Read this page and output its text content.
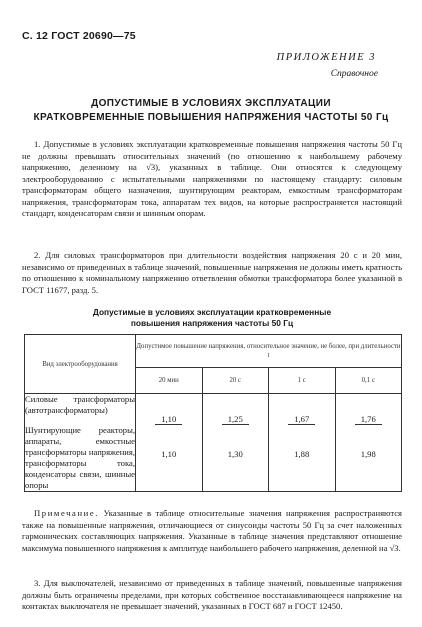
С. 12 ГОСТ 20690—75
ПРИЛОЖЕНИЕ 3
Справочное
ДОПУСТИМЫЕ В УСЛОВИЯХ ЭКСПЛУАТАЦИИ
КРАТКОВРЕМЕННЫЕ ПОВЫШЕНИЯ НАПРЯЖЕНИЯ ЧАСТОТЫ 50 Гц

1. Допустимые в условиях эксплуатации кратковременные повышения напряжения частоты 50 Гц не должны превышать относительных значений (по отношению к наибольшему рабочему напряжению, деленному на √3), указанных в таблице. Они относятся к следующему электрооборудованию с испытательными напряжениями по настоящему стандарту: силовым трансформаторам общего назначения, шунтирующим реакторам, емкостным трансформаторам напряжения, трансформаторам тока, аппаратам тех видов, на которые распространяется настоящий стандарт, конденсаторам связи и шинным опорам.

2. Для силовых трансформаторов при длительности воздействия напряжения 20 с и 20 мин, независимо от приведенных в таблице значений, повышенные напряжения не должны иметь кратность по отношению к номинальному напряжению ответвления обмотки трансформатора более указанной в ГОСТ 11677, разд. 5.

Допустимые в условиях эксплуатации кратковременные
повышения напряжения частоты 50 Гц
Вид электрооборудования	Допустимое повышение напряжения, относительное значение, не более, при длительности t			
	20 мин	20 с	1 с	0,1 с
Силовые трансформаторы (автотрансформаторы)	1,10	1,25	1,67	1,76
Шунтирующие реакторы, аппараты, емкостные трансформаторы напряжения, трансформаторы тока, конденсаторы связи, шинные опоры	1,10	1,30	1,88	1,98

Примечание. Указанные в таблице относительные значения напряжения распространяются также на повышенные напряжения, отличающиеся от синусоиды частоты 50 Гц за счет наложенных гармонических составляющих напряжения. Указанные в таблице значения представляют отношение максимума повышенного напряжения к амплитуде наибольшего рабочего напряжения, деленной на √3.

3. Для выключателей, независимо от приведенных в таблице значений, повышенные напряжения должны быть ограничены пределами, при которых собственное восстанавливающееся напряжение на контактах выключателя не превышает значений, указанных в ГОСТ 687 и ГОСТ 12450.
